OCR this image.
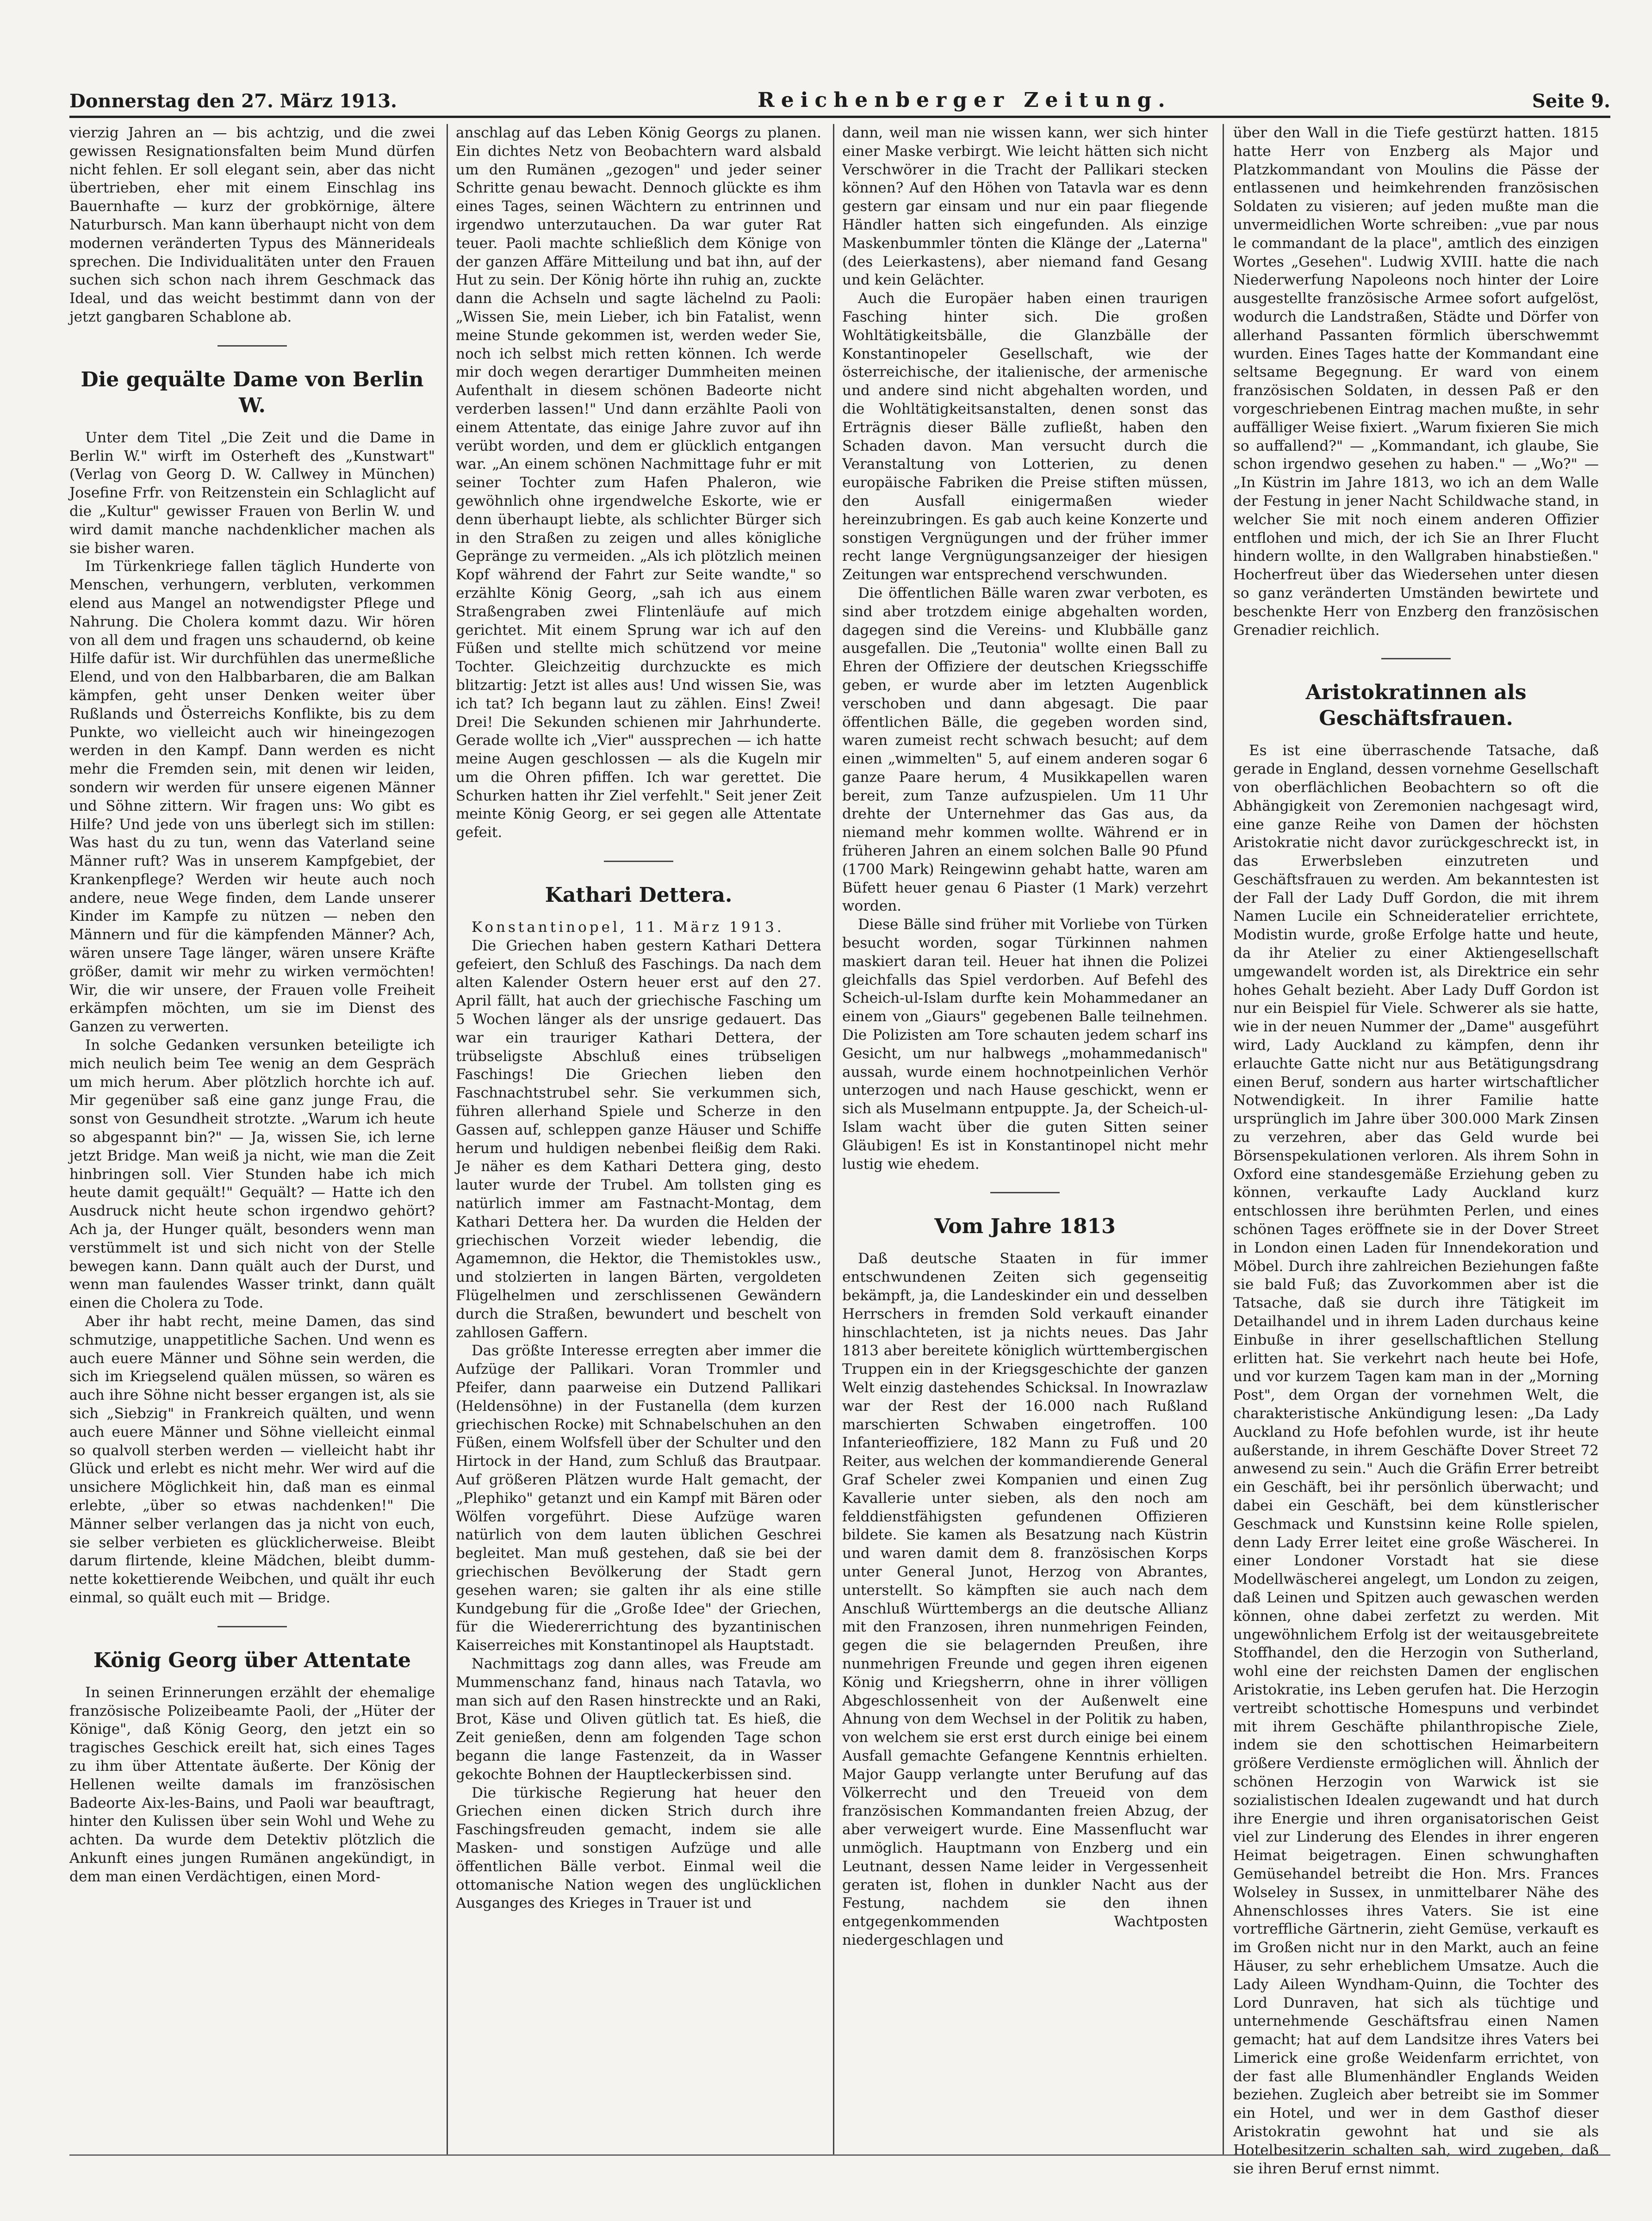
Donnerstag den 27. März 1913.	Reichenberger Zeitung.	Seite 9.

vierzig Jahren an — bis achtzig, und die zwei gewissen Resignationsfalten beim Mund dürfen nicht fehlen. Er soll elegant sein, aber das nicht übertrieben, eher mit einem Einschlag ins Bauernhafte — kurz der grobkörnige, ältere Naturbursch. Man kann überhaupt nicht von dem modernen veränderten Typus des Männerideals sprechen. Die Individualitäten unter den Frauen suchen sich schon nach ihrem Geschmack das Ideal, und das weicht bestimmt dann von der jetzt gangbaren Schablone ab.

Die gequälte Dame von Berlin W.

Unter dem Titel „Die Zeit und die Dame in Berlin W." wirft im Osterheft des „Kunstwart" (Verlag von Georg D. W. Callwey in München) Josefine Frfr. von Reitzenstein ein Schlaglicht auf die „Kultur" gewisser Frauen von Berlin W. und wird damit manche nachdenklicher machen als sie bisher waren.

Im Türkenkriege fallen täglich Hunderte von Menschen, verhungern, verbluten, verkommen elend aus Mangel an notwendigster Pflege und Nahrung. Die Cholera kommt dazu. Wir hören von all dem und fragen uns schaudernd, ob keine Hilfe dafür ist. Wir durchfühlen das unermeßliche Elend, und von den Halbbarbaren, die am Balkan kämpfen, geht unser Denken weiter über Rußlands und Österreichs Konflikte, bis zu dem Punkte, wo vielleicht auch wir hineingezogen werden in den Kampf. Dann werden es nicht mehr die Fremden sein, mit denen wir leiden, sondern wir werden für unsere eigenen Männer und Söhne zittern. Wir fragen uns: Wo gibt es Hilfe? Und jede von uns überlegt sich im stillen: Was hast du zu tun, wenn das Vaterland seine Männer ruft? Was in unserem Kampfgebiet, der Krankenpflege? Werden wir heute auch noch andere, neue Wege finden, dem Lande unserer Kinder im Kampfe zu nützen — neben den Männern und für die kämpfenden Männer? Ach, wären unsere Tage länger, wären unsere Kräfte größer, damit wir mehr zu wirken vermöchten! Wir, die wir unsere, der Frauen volle Freiheit erkämpfen möchten, um sie im Dienst des Ganzen zu verwerten.

In solche Gedanken versunken beteiligte ich mich neulich beim Tee wenig an dem Gespräch um mich herum. Aber plötzlich horchte ich auf. Mir gegenüber saß eine ganz junge Frau, die sonst von Gesundheit strotzte. „Warum ich heute so abgespannt bin?" — Ja, wissen Sie, ich lerne jetzt Bridge. Man weiß ja nicht, wie man die Zeit hinbringen soll. Vier Stunden habe ich mich heute damit gequält!" Gequält? — Hatte ich den Ausdruck nicht heute schon irgendwo gehört? Ach ja, der Hunger quält, besonders wenn man verstümmelt ist und sich nicht von der Stelle bewegen kann. Dann quält auch der Durst, und wenn man faulendes Wasser trinkt, dann quält einen die Cholera zu Tode.

Aber ihr habt recht, meine Damen, das sind schmutzige, unappetitliche Sachen. Und wenn es auch euere Männer und Söhne sein werden, die sich im Kriegselend quälen müssen, so wären es auch ihre Söhne nicht besser ergangen ist, als sie sich „Siebzig" in Frankreich quälten, und wenn auch euere Männer und Söhne vielleicht einmal so qualvoll sterben werden — vielleicht habt ihr Glück und erlebt es nicht mehr. Wer wird auf die unsichere Möglichkeit hin, daß man es einmal erlebte, „über so etwas nachdenken!" Die Männer selber verlangen das ja nicht von euch, sie selber verbieten es glücklicherweise. Bleibt darum flirtende, kleine Mädchen, bleibt dumm-nette kokettierende Weibchen, und quält ihr euch einmal, so quält euch mit — Bridge.

König Georg über Attentate

In seinen Erinnerungen erzählt der ehemalige französische Polizeibeamte Paoli, der „Hüter der Könige", daß König Georg, den jetzt ein so tragisches Geschick ereilt hat, sich eines Tages zu ihm über Attentate äußerte. Der König der Hellenen weilte damals im französischen Badeorte Aix-les-Bains, und Paoli war beauftragt, hinter den Kulissen über sein Wohl und Wehe zu achten. Da wurde dem Detektiv plötzlich die Ankunft eines jungen Rumänen angekündigt, in dem man einen Verdächtigen, einen Mord-

anschlag auf das Leben König Georgs zu planen. Ein dichtes Netz von Beobachtern ward alsbald um den Rumänen „gezogen" und jeder seiner Schritte genau bewacht. Dennoch glückte es ihm eines Tages, seinen Wächtern zu entrinnen und irgendwo unterzutauchen. Da war guter Rat teuer. Paoli machte schließlich dem Könige von der ganzen Affäre Mitteilung und bat ihn, auf der Hut zu sein. Der König hörte ihn ruhig an, zuckte dann die Achseln und sagte lächelnd zu Paoli: „Wissen Sie, mein Lieber, ich bin Fatalist, wenn meine Stunde gekommen ist, werden weder Sie, noch ich selbst mich retten können. Ich werde mir doch wegen derartiger Dummheiten meinen Aufenthalt in diesem schönen Badeorte nicht verderben lassen!" Und dann erzählte Paoli von einem Attentate, das einige Jahre zuvor auf ihn verübt worden, und dem er glücklich entgangen war. „An einem schönen Nachmittage fuhr er mit seiner Tochter zum Hafen Phaleron, wie gewöhnlich ohne irgendwelche Eskorte, wie er denn überhaupt liebte, als schlichter Bürger sich in den Straßen zu zeigen und alles königliche Gepränge zu vermeiden. „Als ich plötzlich meinen Kopf während der Fahrt zur Seite wandte," so erzählte König Georg, „sah ich aus einem Straßengraben zwei Flintenläufe auf mich gerichtet. Mit einem Sprung war ich auf den Füßen und stellte mich schützend vor meine Tochter. Gleichzeitig durchzuckte es mich blitzartig: Jetzt ist alles aus! Und wissen Sie, was ich tat? Ich begann laut zu zählen. Eins! Zwei! Drei! Die Sekunden schienen mir Jahrhunderte. Gerade wollte ich „Vier" aussprechen — ich hatte meine Augen geschlossen — als die Kugeln mir um die Ohren pfiffen. Ich war gerettet. Die Schurken hatten ihr Ziel verfehlt." Seit jener Zeit meinte König Georg, er sei gegen alle Attentate gefeit.

Kathari Dettera.

Konstantinopel, 11. März 1913.

Die Griechen haben gestern Kathari Dettera gefeiert, den Schluß des Faschings. Da nach dem alten Kalender Ostern heuer erst auf den 27. April fällt, hat auch der griechische Fasching um 5 Wochen länger als der unsrige gedauert. Das war ein trauriger Kathari Dettera, der trübseligste Abschluß eines trübseligen Faschings! Die Griechen lieben den Faschnachtstrubel sehr. Sie verkummen sich, führen allerhand Spiele und Scherze in den Gassen auf, schleppen ganze Häuser und Schiffe herum und huldigen nebenbei fleißig dem Raki. Je näher es dem Kathari Dettera ging, desto lauter wurde der Trubel. Am tollsten ging es natürlich immer am Fastnacht-Montag, dem Kathari Dettera her. Da wurden die Helden der griechischen Vorzeit wieder lebendig, die Agamemnon, die Hektor, die Themistokles usw., und stolzierten in langen Bärten, vergoldeten Flügelhelmen und zerschlissenen Gewändern durch die Straßen, bewundert und beschelt von zahllosen Gaffern.

Das größte Interesse erregten aber immer die Aufzüge der Pallikari. Voran Trommler und Pfeifer, dann paarweise ein Dutzend Pallikari (Heldensöhne) in der Fustanella (dem kurzen griechischen Rocke) mit Schnabelschuhen an den Füßen, einem Wolfsfell über der Schulter und den Hirtock in der Hand, zum Schluß das Brautpaar. Auf größeren Plätzen wurde Halt gemacht, der „Plephiko" getanzt und ein Kampf mit Bären oder Wölfen vorgeführt. Diese Aufzüge waren natürlich von dem lauten üblichen Geschrei begleitet. Man muß gestehen, daß sie bei der griechischen Bevölkerung der Stadt gern gesehen waren; sie galten ihr als eine stille Kundgebung für die „Große Idee" der Griechen, für die Wiedererrichtung des byzantinischen Kaiserreiches mit Konstantinopel als Hauptstadt.

Nachmittags zog dann alles, was Freude am Mummenschanz fand, hinaus nach Tatavla, wo man sich auf den Rasen hinstreckte und an Raki, Brot, Käse und Oliven gütlich tat. Es hieß, die Zeit genießen, denn am folgenden Tage schon begann die lange Fastenzeit, da in Wasser gekochte Bohnen der Hauptleckerbissen sind.

Die türkische Regierung hat heuer den Griechen einen dicken Strich durch ihre Faschingsfreuden gemacht, indem sie alle Masken- und sonstigen Aufzüge und alle öffentlichen Bälle verbot. Einmal weil die ottomanische Nation wegen des unglücklichen Ausganges des Krieges in Trauer ist und

dann, weil man nie wissen kann, wer sich hinter einer Maske verbirgt. Wie leicht hätten sich nicht Verschwörer in die Tracht der Pallikari stecken können? Auf den Höhen von Tatavla war es denn gestern gar einsam und nur ein paar fliegende Händler hatten sich eingefunden. Als einzige Maskenbummler tönten die Klänge der „Laterna" (des Leierkastens), aber niemand fand Gesang und kein Gelächter.

Auch die Europäer haben einen traurigen Fasching hinter sich. Die großen Wohltätigkeitsbälle, die Glanzbälle der Konstantinopeler Gesellschaft, wie der österreichische, der italienische, der armenische und andere sind nicht abgehalten worden, und die Wohltätigkeitsanstalten, denen sonst das Erträgnis dieser Bälle zufließt, haben den Schaden davon. Man versucht durch die Veranstaltung von Lotterien, zu denen europäische Fabriken die Preise stiften müssen, den Ausfall einigermaßen wieder hereinzubringen. Es gab auch keine Konzerte und sonstigen Vergnügungen und der früher immer recht lange Vergnügungsanzeiger der hiesigen Zeitungen war entsprechend verschwunden.

Die öffentlichen Bälle waren zwar verboten, es sind aber trotzdem einige abgehalten worden, dagegen sind die Vereins- und Klubbälle ganz ausgefallen. Die „Teutonia" wollte einen Ball zu Ehren der Offiziere der deutschen Kriegsschiffe geben, er wurde aber im letzten Augenblick verschoben und dann abgesagt. Die paar öffentlichen Bälle, die gegeben worden sind, waren zumeist recht schwach besucht; auf dem einen „wimmelten" 5, auf einem anderen sogar 6 ganze Paare herum, 4 Musikkapellen waren bereit, zum Tanze aufzuspielen. Um 11 Uhr drehte der Unternehmer das Gas aus, da niemand mehr kommen wollte. Während er in früheren Jahren an einem solchen Balle 90 Pfund (1700 Mark) Reingewinn gehabt hatte, waren am Büfett heuer genau 6 Piaster (1 Mark) verzehrt worden.

Diese Bälle sind früher mit Vorliebe von Türken besucht worden, sogar Türkinnen nahmen maskiert daran teil. Heuer hat ihnen die Polizei gleichfalls das Spiel verdorben. Auf Befehl des Scheich-ul-Islam durfte kein Mohammedaner an einem von „Giaurs" gegebenen Balle teilnehmen. Die Polizisten am Tore schauten jedem scharf ins Gesicht, um nur halbwegs „mohammedanisch" aussah, wurde einem hochnotpeinlichen Verhör unterzogen und nach Hause geschickt, wenn er sich als Muselmann entpuppte. Ja, der Scheich-ul-Islam wacht über die guten Sitten seiner Gläubigen! Es ist in Konstantinopel nicht mehr lustig wie ehedem.

Vom Jahre 1813

Daß deutsche Staaten in für immer entschwundenen Zeiten sich gegenseitig bekämpft, ja, die Landeskinder ein und desselben Herrschers in fremden Sold verkauft einander hinschlachteten, ist ja nichts neues. Das Jahr 1813 aber bereitete königlich württembergischen Truppen ein in der Kriegsgeschichte der ganzen Welt einzig dastehendes Schicksal. In Inowrazlaw war der Rest der 16.000 nach Rußland marschierten Schwaben eingetroffen. 100 Infanterieoffiziere, 182 Mann zu Fuß und 20 Reiter, aus welchen der kommandierende General Graf Scheler zwei Kompanien und einen Zug Kavallerie unter sieben, als den noch am felddienstfähigsten gefundenen Offizieren bildete. Sie kamen als Besatzung nach Küstrin und waren damit dem 8. französischen Korps unter General Junot, Herzog von Abrantes, unterstellt. So kämpften sie auch nach dem Anschluß Württembergs an die deutsche Allianz mit den Franzosen, ihren nunmehrigen Feinden, gegen die sie belagernden Preußen, ihre nunmehrigen Freunde und gegen ihren eigenen König und Kriegsherrn, ohne in ihrer völligen Abgeschlossenheit von der Außenwelt eine Ahnung von dem Wechsel in der Politik zu haben, von welchem sie erst erst durch einige bei einem Ausfall gemachte Gefangene Kenntnis erhielten. Major Gaupp verlangte unter Berufung auf das Völkerrecht und den Treueid von dem französischen Kommandanten freien Abzug, der aber verweigert wurde. Eine Massenflucht war unmöglich. Hauptmann von Enzberg und ein Leutnant, dessen Name leider in Vergessenheit geraten ist, flohen in dunkler Nacht aus der Festung, nachdem sie den ihnen entgegenkommenden Wachtposten niedergeschlagen und

über den Wall in die Tiefe gestürzt hatten. 1815 hatte Herr von Enzberg als Major und Platzkommandant von Moulins die Pässe der entlassenen und heimkehrenden französischen Soldaten zu visieren; auf jeden mußte man die unvermeidlichen Worte schreiben: „vue par nous le commandant de la place", amtlich des einzigen Wortes „Gesehen". Ludwig XVIII. hatte die nach Niederwerfung Napoleons noch hinter der Loire ausgestellte französische Armee sofort aufgelöst, wodurch die Landstraßen, Städte und Dörfer von allerhand Passanten förmlich überschwemmt wurden. Eines Tages hatte der Kommandant eine seltsame Begegnung. Er ward von einem französischen Soldaten, in dessen Paß er den vorgeschriebenen Eintrag machen mußte, in sehr auffälliger Weise fixiert. „Warum fixieren Sie mich so auffallend?" — „Kommandant, ich glaube, Sie schon irgendwo gesehen zu haben." — „Wo?" — „In Küstrin im Jahre 1813, wo ich an dem Walle der Festung in jener Nacht Schildwache stand, in welcher Sie mit noch einem anderen Offizier entflohen und mich, der ich Sie an Ihrer Flucht hindern wollte, in den Wallgraben hinabstießen." Hocherfreut über das Wiedersehen unter diesen so ganz veränderten Umständen bewirtete und beschenkte Herr von Enzberg den französischen Grenadier reichlich.

Aristokratinnen als Geschäftsfrauen.

Es ist eine überraschende Tatsache, daß gerade in England, dessen vornehme Gesellschaft von oberflächlichen Beobachtern so oft die Abhängigkeit von Zeremonien nachgesagt wird, eine ganze Reihe von Damen der höchsten Aristokratie nicht davor zurückgeschreckt ist, in das Erwerbsleben einzutreten und Geschäftsfrauen zu werden. Am bekanntesten ist der Fall der Lady Duff Gordon, die mit ihrem Namen Lucile ein Schneideratelier errichtete, Modistin wurde, große Erfolge hatte und heute, da ihr Atelier zu einer Aktiengesellschaft umgewandelt worden ist, als Direktrice ein sehr hohes Gehalt bezieht. Aber Lady Duff Gordon ist nur ein Beispiel für Viele. Schwerer als sie hatte, wie in der neuen Nummer der „Dame" ausgeführt wird, Lady Auckland zu kämpfen, denn ihr erlauchte Gatte nicht nur aus Betätigungsdrang einen Beruf, sondern aus harter wirtschaftlicher Notwendigkeit. In ihrer Familie hatte ursprünglich im Jahre über 300.000 Mark Zinsen zu verzehren, aber das Geld wurde bei Börsenspekulationen verloren. Als ihrem Sohn in Oxford eine standesgemäße Erziehung geben zu können, verkaufte Lady Auckland kurz entschlossen ihre berühmten Perlen, und eines schönen Tages eröffnete sie in der Dover Street in London einen Laden für Innendekoration und Möbel. Durch ihre zahlreichen Beziehungen faßte sie bald Fuß; das Zuvorkommen aber ist die Tatsache, daß sie durch ihre Tätigkeit im Detailhandel und in ihrem Laden durchaus keine Einbuße in ihrer gesellschaftlichen Stellung erlitten hat. Sie verkehrt nach heute bei Hofe, und vor kurzem Tagen kam man in der „Morning Post", dem Organ der vornehmen Welt, die charakteristische Ankündigung lesen: „Da Lady Auckland zu Hofe befohlen wurde, ist ihr heute außerstande, in ihrem Geschäfte Dover Street 72 anwesend zu sein." Auch die Gräfin Errer betreibt ein Geschäft, bei ihr persönlich überwacht; und dabei ein Geschäft, bei dem künstlerischer Geschmack und Kunstsinn keine Rolle spielen, denn Lady Errer leitet eine große Wäscherei. In einer Londoner Vorstadt hat sie diese Modellwäscherei angelegt, um London zu zeigen, daß Leinen und Spitzen auch gewaschen werden können, ohne dabei zerfetzt zu werden. Mit ungewöhnlichem Erfolg ist der weitausgebreitete Stoffhandel, den die Herzogin von Sutherland, wohl eine der reichsten Damen der englischen Aristokratie, ins Leben gerufen hat. Die Herzogin vertreibt schottische Homespuns und verbindet mit ihrem Geschäfte philanthropische Ziele, indem sie den schottischen Heimarbeitern größere Verdienste ermöglichen will. Ähnlich der schönen Herzogin von Warwick ist sie sozialistischen Idealen zugewandt und hat durch ihre Energie und ihren organisatorischen Geist viel zur Linderung des Elendes in ihrer engeren Heimat beigetragen. Einen schwunghaften Gemüsehandel betreibt die Hon. Mrs. Frances Wolseley in Sussex, in unmittelbarer Nähe des Ahnenschlosses ihres Vaters. Sie ist eine vortreffliche Gärtnerin, zieht Gemüse, verkauft es im Großen nicht nur in den Markt, auch an feine Häuser, zu sehr erheblichem Umsatze. Auch die Lady Aileen Wyndham-Quinn, die Tochter des Lord Dunraven, hat sich als tüchtige und unternehmende Geschäftsfrau einen Namen gemacht; hat auf dem Landsitze ihres Vaters bei Limerick eine große Weidenfarm errichtet, von der fast alle Blumenhändler Englands Weiden beziehen. Zugleich aber betreibt sie im Sommer ein Hotel, und wer in dem Gasthof dieser Aristokratin gewohnt hat und sie als Hotelbesitzerin schalten sah, wird zugeben, daß sie ihren Beruf ernst nimmt.
